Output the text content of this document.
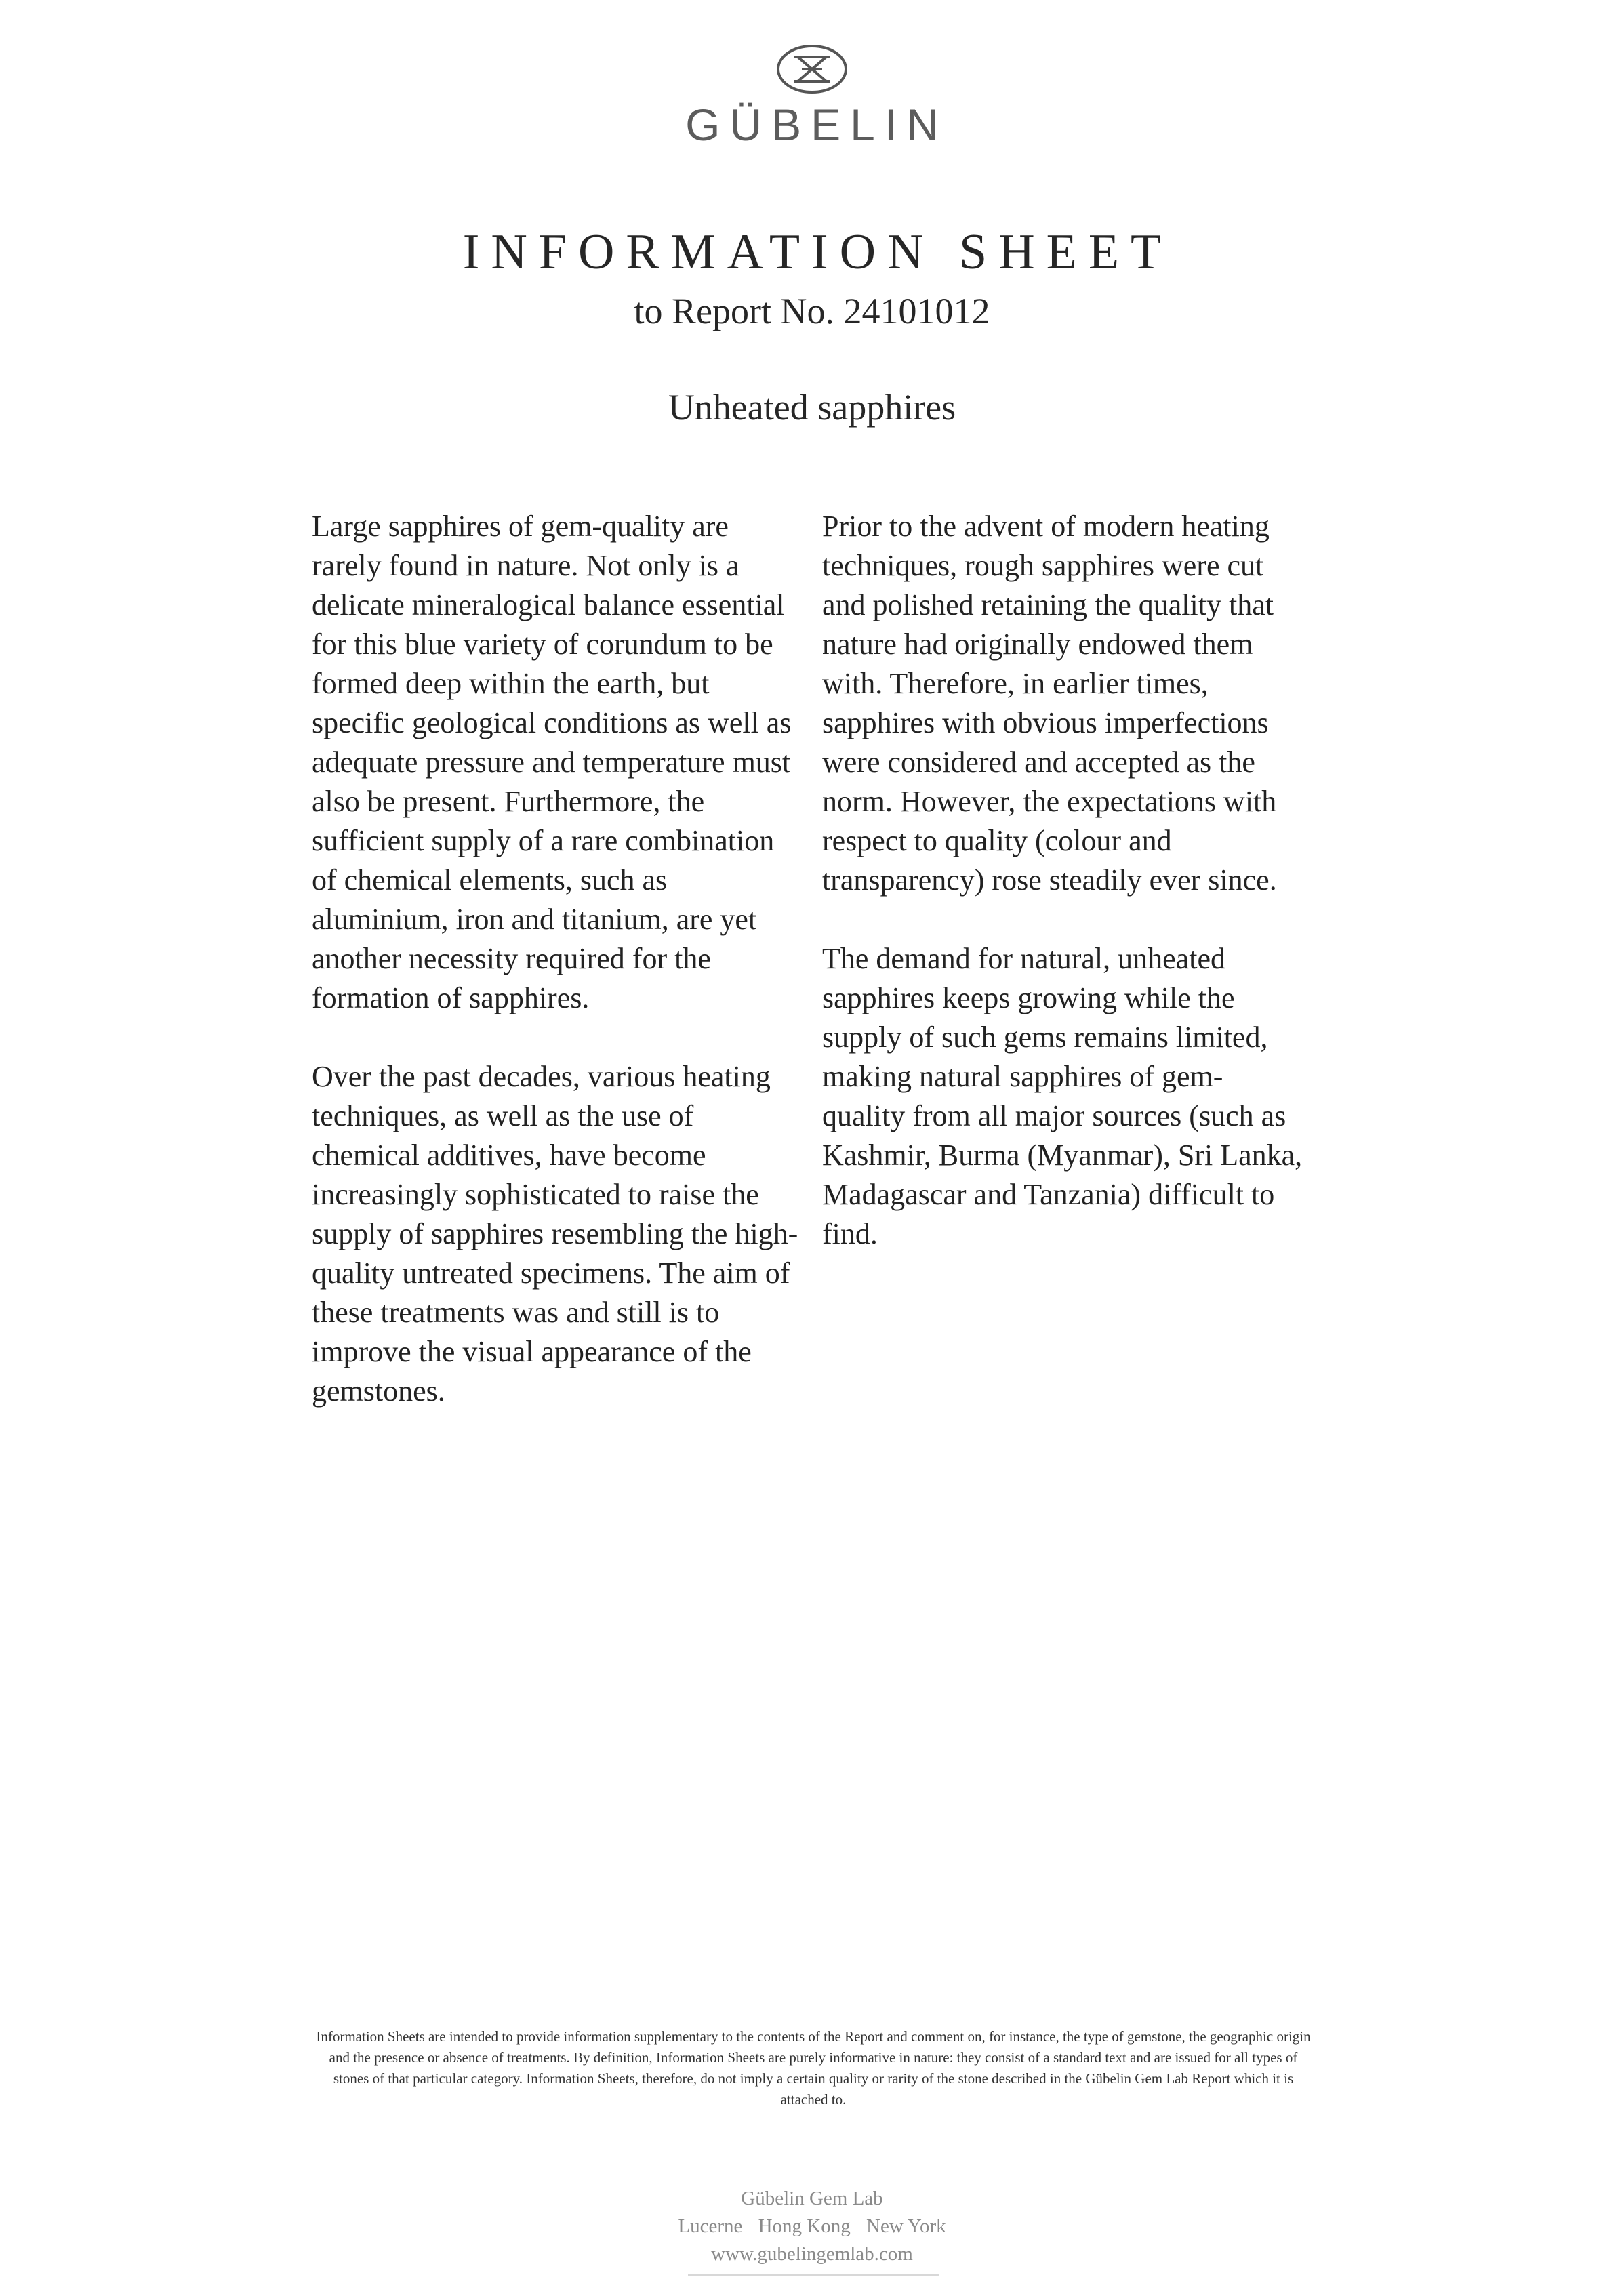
GÜBELIN
INFORMATION SHEET
to Report No. 24101012
Unheated sapphires

Large sapphires of gem-quality are rarely found in nature. Not only is a delicate mineralogical balance essential for this blue variety of corundum to be formed deep within the earth, but specific geological conditions as well as adequate pressure and temperature must also be present. Furthermore, the sufficient supply of a rare combination of chemical elements, such as aluminium, iron and titanium, are yet another necessity required for the formation of sapphires.

Over the past decades, various heating techniques, as well as the use of chemical additives, have become increasingly sophisticated to raise the supply of sapphires resembling the high-quality untreated specimens. The aim of these treatments was and still is to improve the visual appearance of the gemstones.

Prior to the advent of modern heating techniques, rough sapphires were cut and polished retaining the quality that nature had originally endowed them with. Therefore, in earlier times, sapphires with obvious imperfections were considered and accepted as the norm. However, the expectations with respect to quality (colour and transparency) rose steadily ever since.

The demand for natural, unheated sapphires keeps growing while the supply of such gems remains limited, making natural sapphires of gem-quality from all major sources (such as Kashmir, Burma (Myanmar), Sri Lanka, Madagascar and Tanzania) difficult to find.

Information Sheets are intended to provide information supplementary to the contents of the Report and comment on, for instance, the type of gemstone, the geographic origin and the presence or absence of treatments. By definition, Information Sheets are purely informative in nature: they consist of a standard text and are issued for all types of stones of that particular category. Information Sheets, therefore, do not imply a certain quality or rarity of the stone described in the Gübelin Gem Lab Report which it is attached to.
Gübelin Gem Lab
Lucerne Hong Kong New York
www.gubelingemlab.com
